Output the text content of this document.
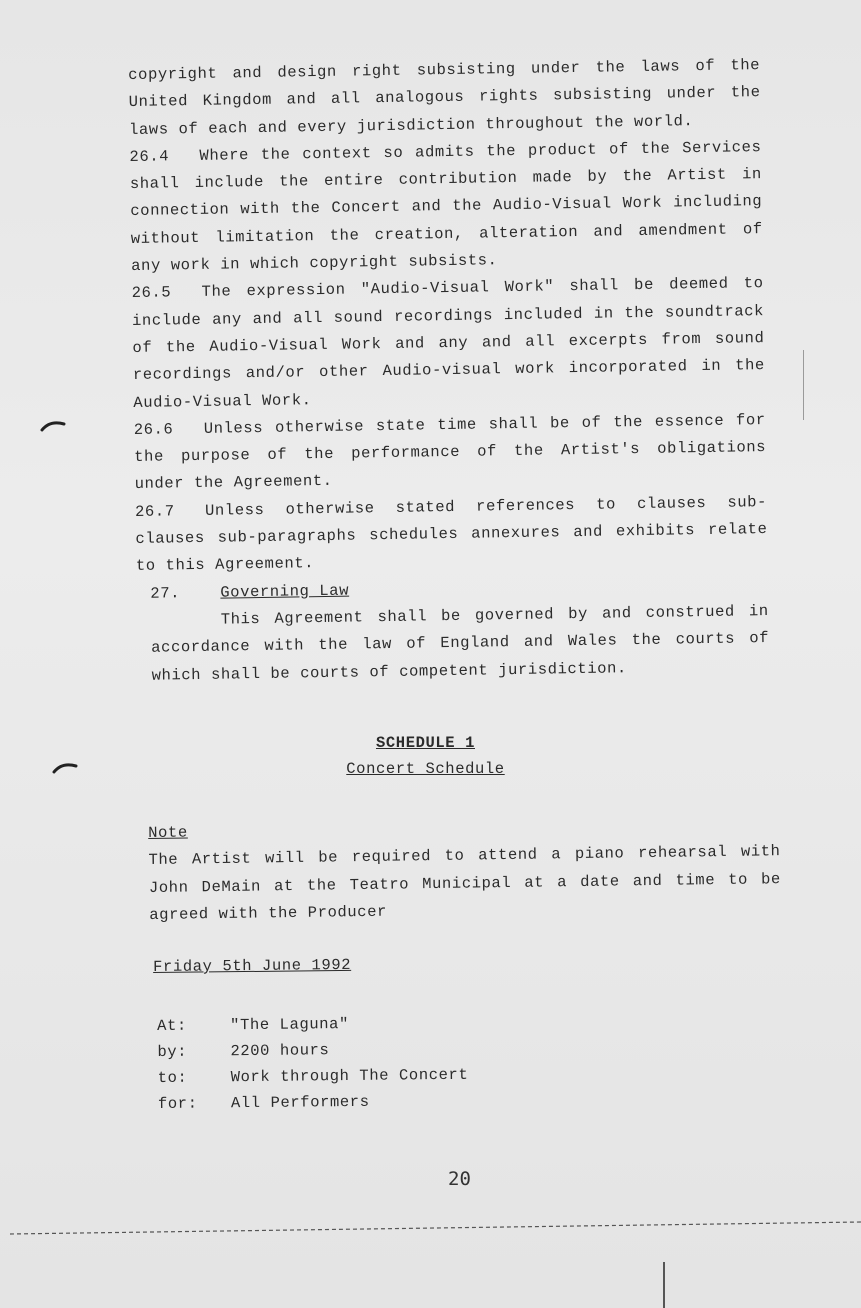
copyright and design right subsisting under the laws of the United Kingdom and all analogous rights subsisting under the laws of each and every jurisdiction throughout the world.

26.4 Where the context so admits the product of the Services shall include the entire contribution made by the Artist in connection with the Concert and the Audio-Visual Work including without limitation the creation, alteration and amendment of any work in which copyright subsists.

26.5 The expression "Audio-Visual Work" shall be deemed to include any and all sound recordings included in the soundtrack of the Audio-Visual Work and any and all excerpts from sound recordings and/or other Audio-visual work incorporated in the Audio-Visual Work.

26.6 Unless otherwise state time shall be of the essence for the purpose of the performance of the Artist's obligations under the Agreement.

26.7 Unless otherwise stated references to clauses sub-clauses sub-paragraphs schedules annexures and exhibits relate to this Agreement.

27.	Governing Law

This Agreement shall be governed by and construed in accordance with the law of England and Wales the courts of which shall be courts of competent jurisdiction.

SCHEDULE 1
Concert Schedule

Note

The Artist will be required to attend a piano rehearsal with John DeMain at the Teatro Municipal at a date and time to be agreed with the Producer

Friday 5th June 1992
At:	"The Laguna"
by:	2200 hours
to:	Work through The Concert
for:	All Performers
20
